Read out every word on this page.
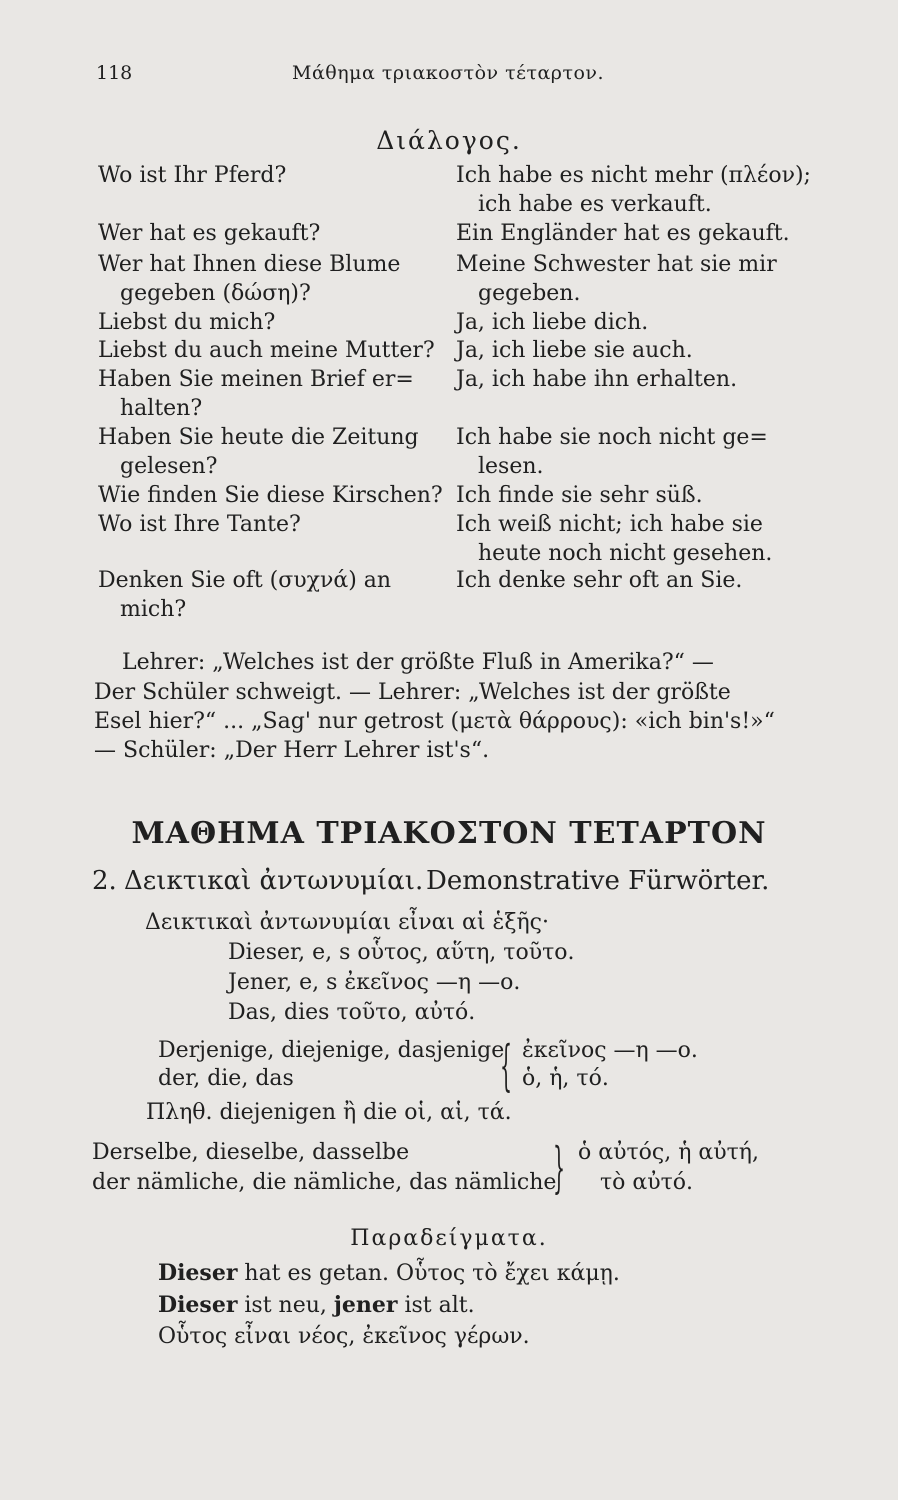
118	Μάθημα τριακοστὸν τέταρτον.
Διάλογος.
Wo ist Ihr Pferd?
Wer hat es gekauft?
Wer hat Ihnen diese Blume
gegeben (δώση)?
Liebst du mich?
Liebst du auch meine Mutter?
Haben Sie meinen Brief er=
halten?
Haben Sie heute die Zeitung
gelesen?
Wie finden Sie diese Kirschen?
Wo ist Ihre Tante?
Denken Sie oft (συχνά) an
mich?
Ich habe es nicht mehr (πλέον);
ich habe es verkauft.
Ein Engländer hat es gekauft.
Meine Schwester hat sie mir
gegeben.
Ja, ich liebe dich.
Ja, ich liebe sie auch.
Ja, ich habe ihn erhalten.
Ich habe sie noch nicht ge=
lesen.
Ich finde sie sehr süß.
Ich weiß nicht; ich habe sie
heute noch nicht gesehen.
Ich denke sehr oft an Sie.
Lehrer: „Welches ist der größte Fluß in Amerika?“ —
Der Schüler schweigt. — Lehrer: „Welches ist der größte
Esel hier?“ ... „Sag' nur getrost (μετὰ θάρρους): «ich bin's!»“
— Schüler: „Der Herr Lehrer ist's“.
ΜΑΘΗΜΑ ΤΡΙΑΚΟΣΤΟΝ ΤΕΤΑΡΤΟΝ
2. Δεικτικαὶ ἀντωνυμίαι. Demonstrative Fürwörter.
Δεικτικαὶ ἀντωνυμίαι εἶναι αἱ ἑξῆς·
Dieser, e, s οὗτος, αὕτη, τοῦτο.
Jener, e, s ἐκεῖνος —η —ο.
Das, dies τοῦτο, αὐτό.
Derjenige, diejenige, dasjenige
der, die, das	{ ἐκεῖνος —η —ο.
ὁ, ἡ, τό.
Πληθ. diejenigen ἢ die οἱ, αἱ, τά.
Derselbe, dieselbe, dasselbe
der nämliche, die nämliche, das nämliche
} ὁ αὐτός, ἡ αὐτή,
τὸ αὐτό.
Παραδείγματα.
Dieser hat es getan. Οὗτος τὸ ἔχει κάμῃ.
Dieser ist neu, jener ist alt.
Οὗτος εἶναι νέος, ἐκεῖνος γέρων.
